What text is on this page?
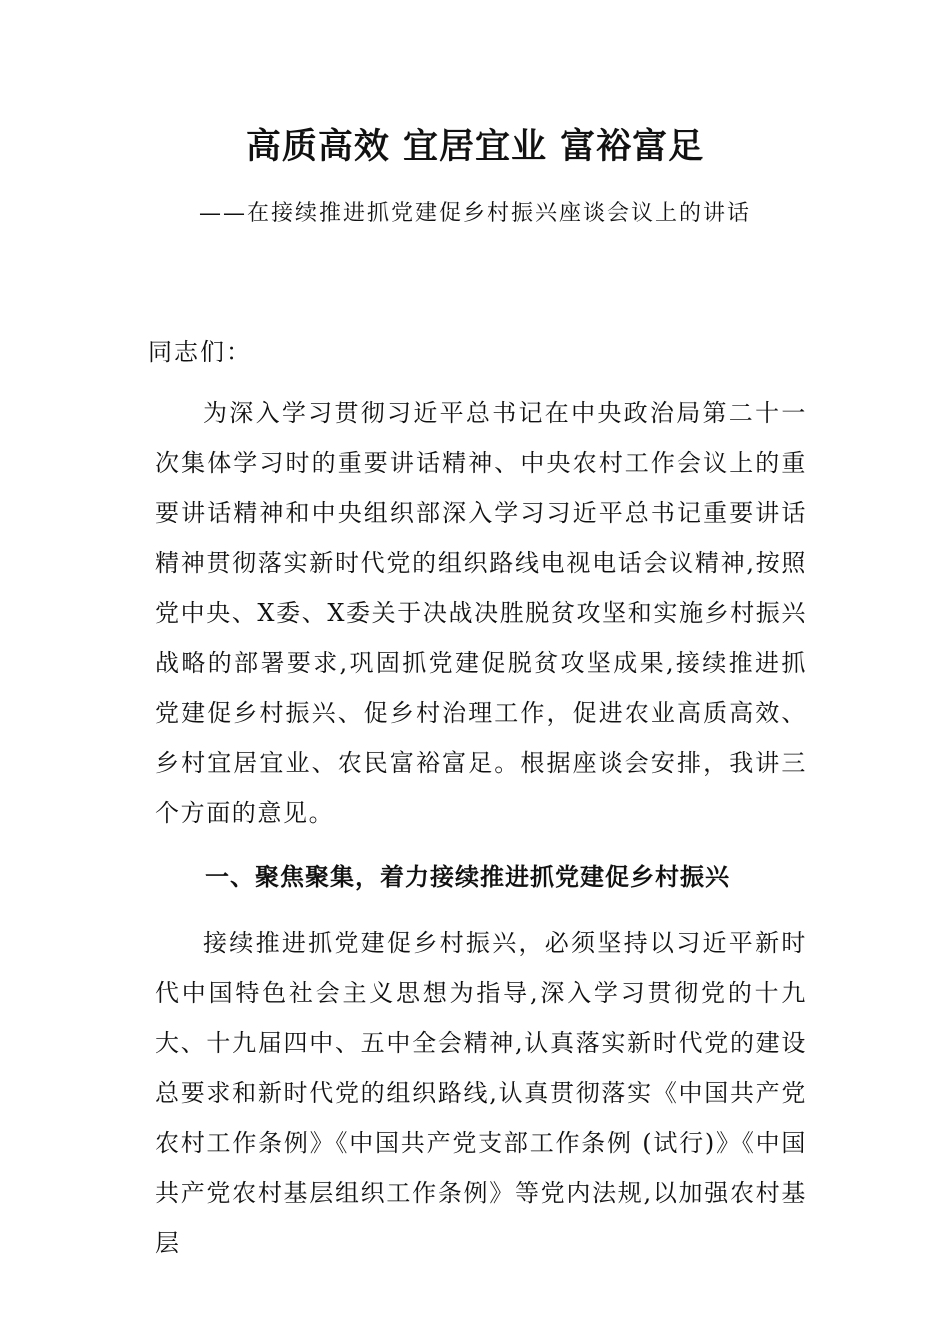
高质高效 宜居宜业 富裕富足
——在接续推进抓党建促乡村振兴座谈会议上的讲话
同志们：

为深入学习贯彻习近平总书记在中央政治局第二十一次集体学习时的重要讲话精神、中央农村工作会议上的重要讲话精神和中央组织部深入学习习近平总书记重要讲话精神贯彻落实新时代党的组织路线电视电话会议精神,按照党中央、X委、X委关于决战决胜脱贫攻坚和实施乡村振兴战略的部署要求,巩固抓党建促脱贫攻坚成果,接续推进抓党建促乡村振兴、促乡村治理工作，促进农业高质高效、乡村宜居宜业、农民富裕富足。根据座谈会安排，我讲三个方面的意见。

一、聚焦聚集，着力接续推进抓党建促乡村振兴

接续推进抓党建促乡村振兴，必须坚持以习近平新时代中国特色社会主义思想为指导,深入学习贯彻党的十九大、十九届四中、五中全会精神,认真落实新时代党的建设总要求和新时代党的组织路线,认真贯彻落实《中国共产党农村工作条例》《中国共产党支部工作条例 (试行)》《中国共产党农村基层组织工作条例》等党内法规,以加强农村基层
